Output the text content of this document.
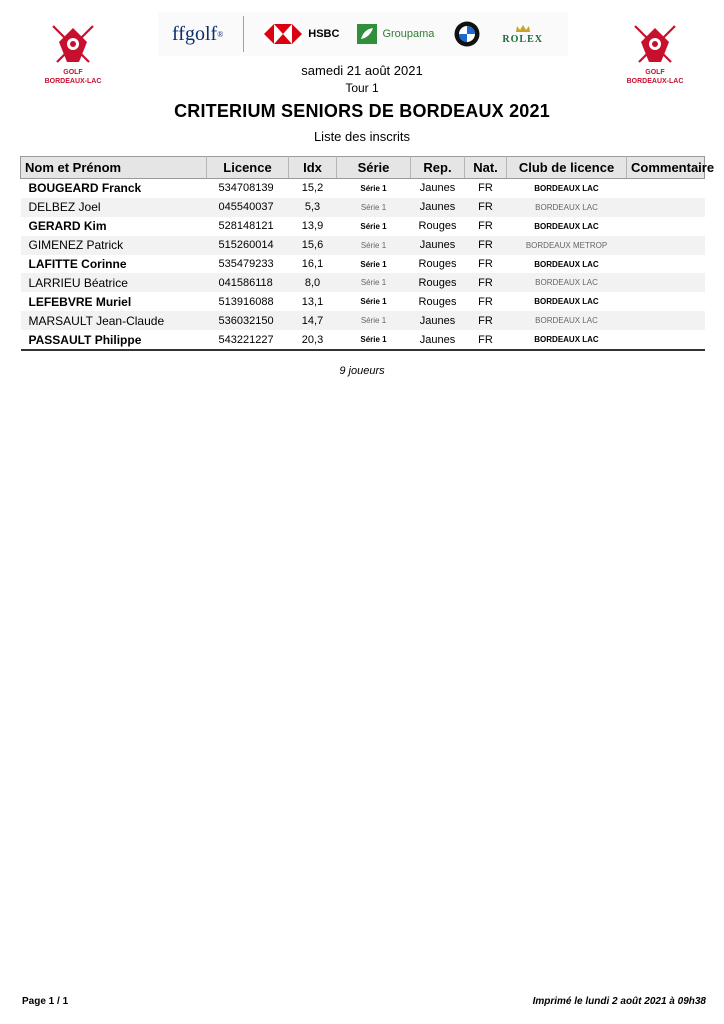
GOLF
BORDEAUX-LAC
GOLF
BORDEAUX-LAC
ffgolf ®	HSBC	Groupama	ROLEX
samedi 21 août 2021
Tour 1
CRITERIUM SENIORS DE BORDEAUX 2021
Liste des inscrits
Nom et Prénom	Licence	Idx	Série	Rep.	Nat.	Club de licence	Commentaire
BOUGEARD Franck	534708139	15,2	Série 1	Jaunes	FR	BORDEAUX LAC	
DELBEZ Joel	045540037	5,3	Série 1	Jaunes	FR	BORDEAUX LAC	
GERARD Kim	528148121	13,9	Série 1	Rouges	FR	BORDEAUX LAC	
GIMENEZ Patrick	515260014	15,6	Série 1	Jaunes	FR	BORDEAUX METROP	
LAFITTE Corinne	535479233	16,1	Série 1	Rouges	FR	BORDEAUX LAC	
LARRIEU Béatrice	041586118	8,0	Série 1	Rouges	FR	BORDEAUX LAC	
LEFEBVRE Muriel	513916088	13,1	Série 1	Rouges	FR	BORDEAUX LAC	
MARSAULT Jean-Claude	536032150	14,7	Série 1	Jaunes	FR	BORDEAUX LAC	
PASSAULT Philippe	543221227	20,3	Série 1	Jaunes	FR	BORDEAUX LAC	
9 joueurs
Page 1 / 1	Imprimé le lundi 2 août 2021 à 09h38
